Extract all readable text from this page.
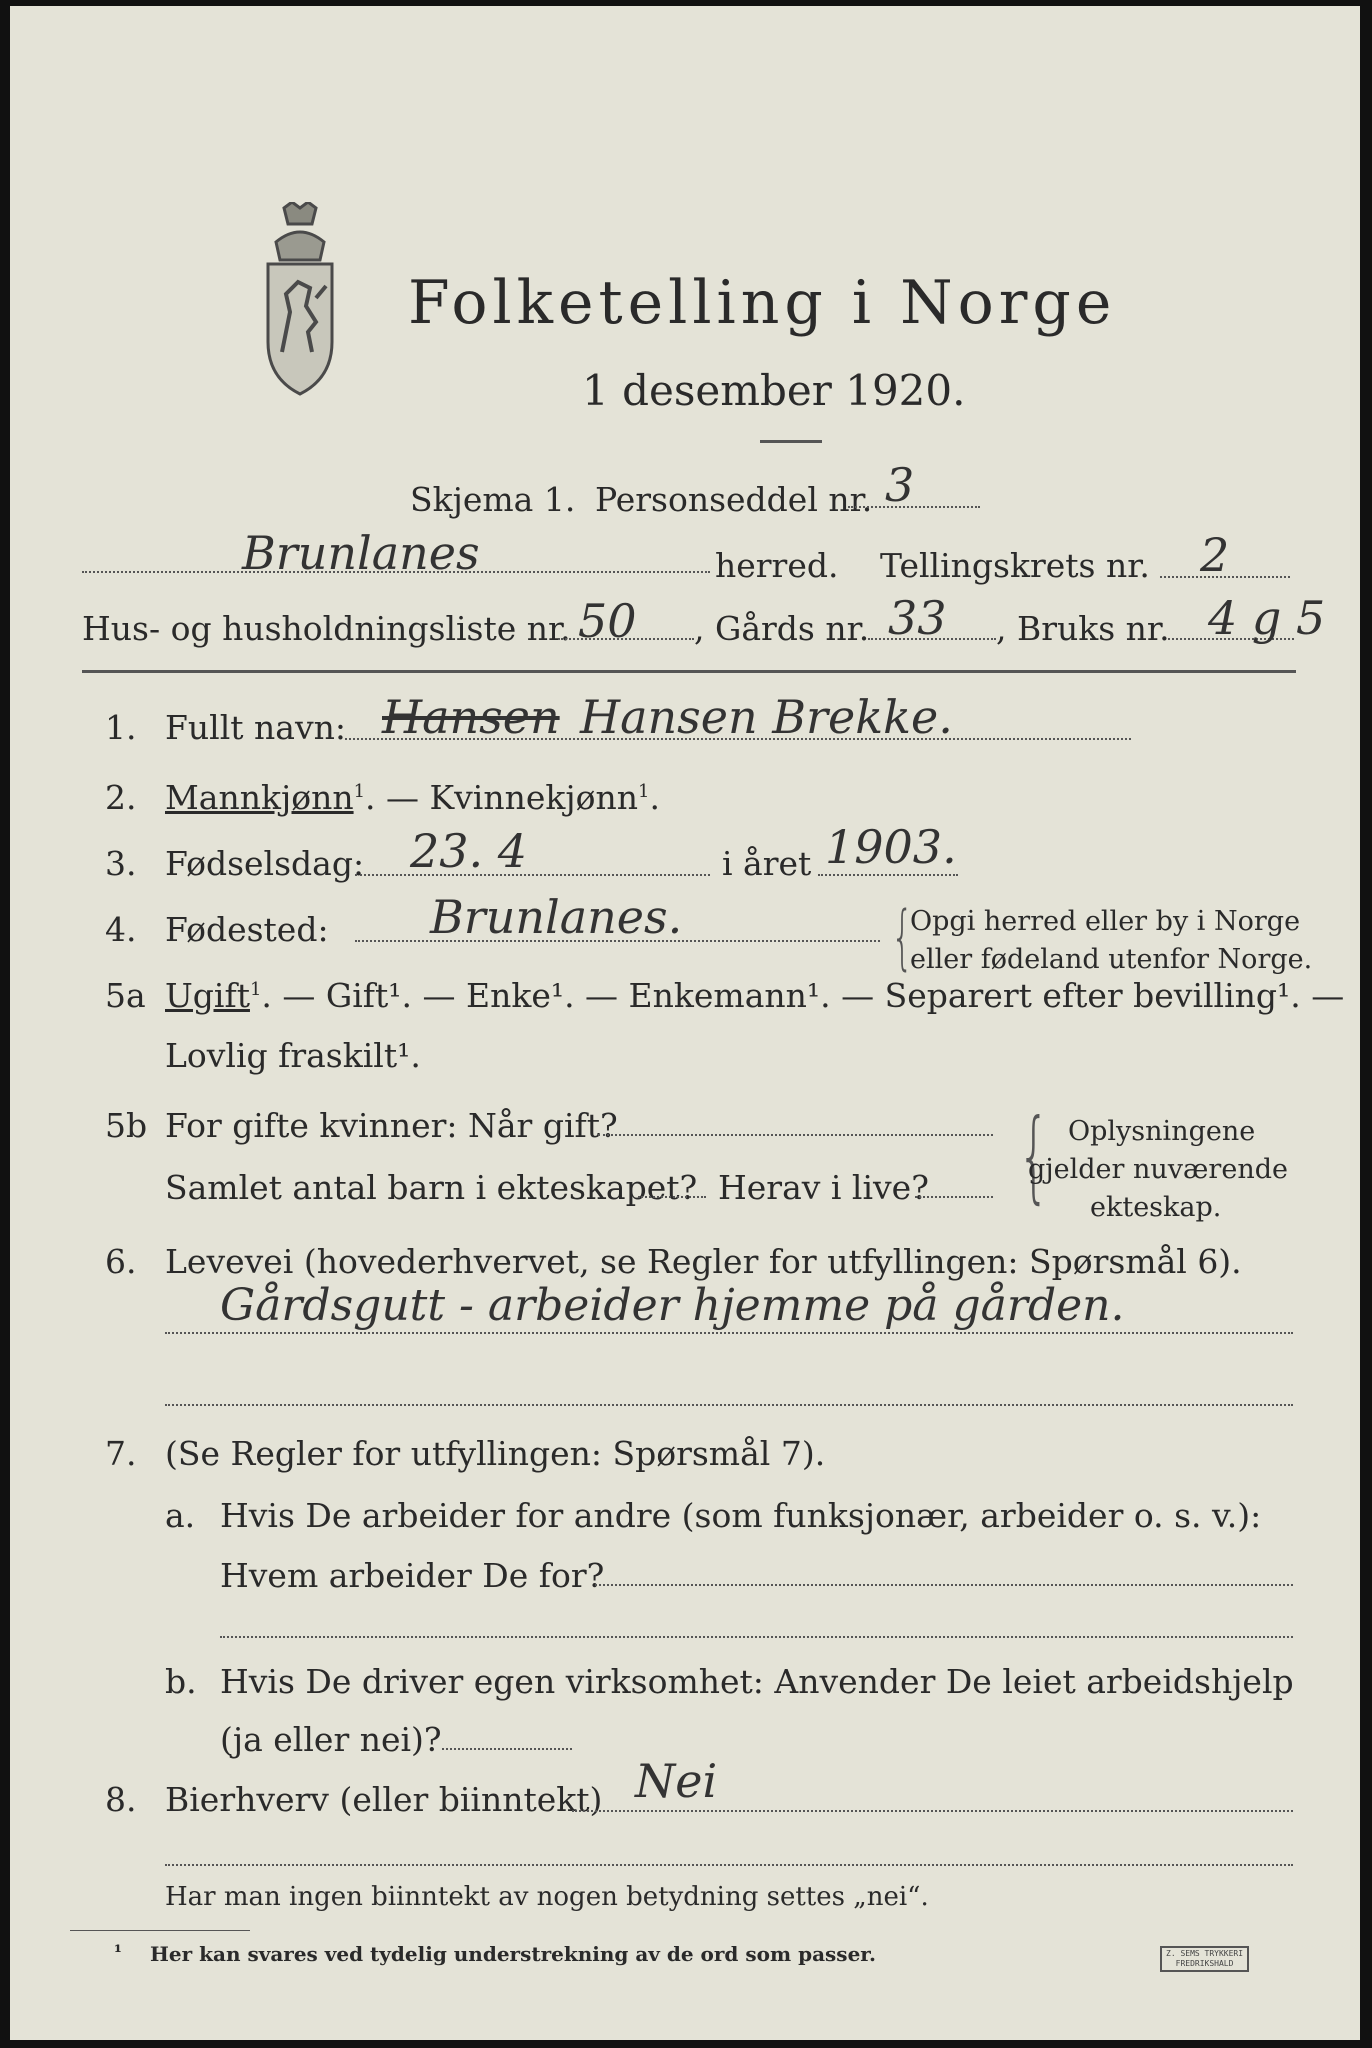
Folketelling i Norge
1 desember 1920.
Skjema 1. Personseddel nr. 3
Brunlanes	herred. Tellingskrets nr. 2
Hus- og husholdningsliste nr. 50 , Gårds nr. 33 , Bruks nr. 4 g 5
1. Fullt navn: Hansen Hansen Brekke.
2. Mannkjønn$^1$. — Kvinnekjønn$^1$.
3. Fødselsdag: 23. 4	i året 1903.
4. Fødested: Brunlanes.	{
Opgi herred eller by i Norge
eller fødeland utenfor Norge.
5a Ugift$^1$. — Gift¹. — Enke¹. — Enkemann¹. — Separert efter bevilling¹. —
Lovlig fraskilt¹.
5b For gifte kvinner: Når gift?
Samlet antal barn i ekteskapet? Herav i live? { Oplysningene
gjelder nuværende
ekteskap.
6. Levevei (hovederhvervet, se Regler for utfyllingen: Spørsmål 6).
Gårdsgutt - arbeider hjemme på gården.
7. (Se Regler for utfyllingen: Spørsmål 7).
a. Hvis De arbeider for andre (som funksjonær, arbeider o. s. v.):
Hvem arbeider De for?
b. Hvis De driver egen virksomhet: Anvender De leiet arbeidshjelp
(ja eller nei)?
8. Bierhverv (eller biinntekt) Nei
Har man ingen biinntekt av nogen betydning settes „nei“.
¹ Her kan svares ved tydelig understrekning av de ord som passer.	Z. SEMS TRYKKERI
FREDRIKSHALD
